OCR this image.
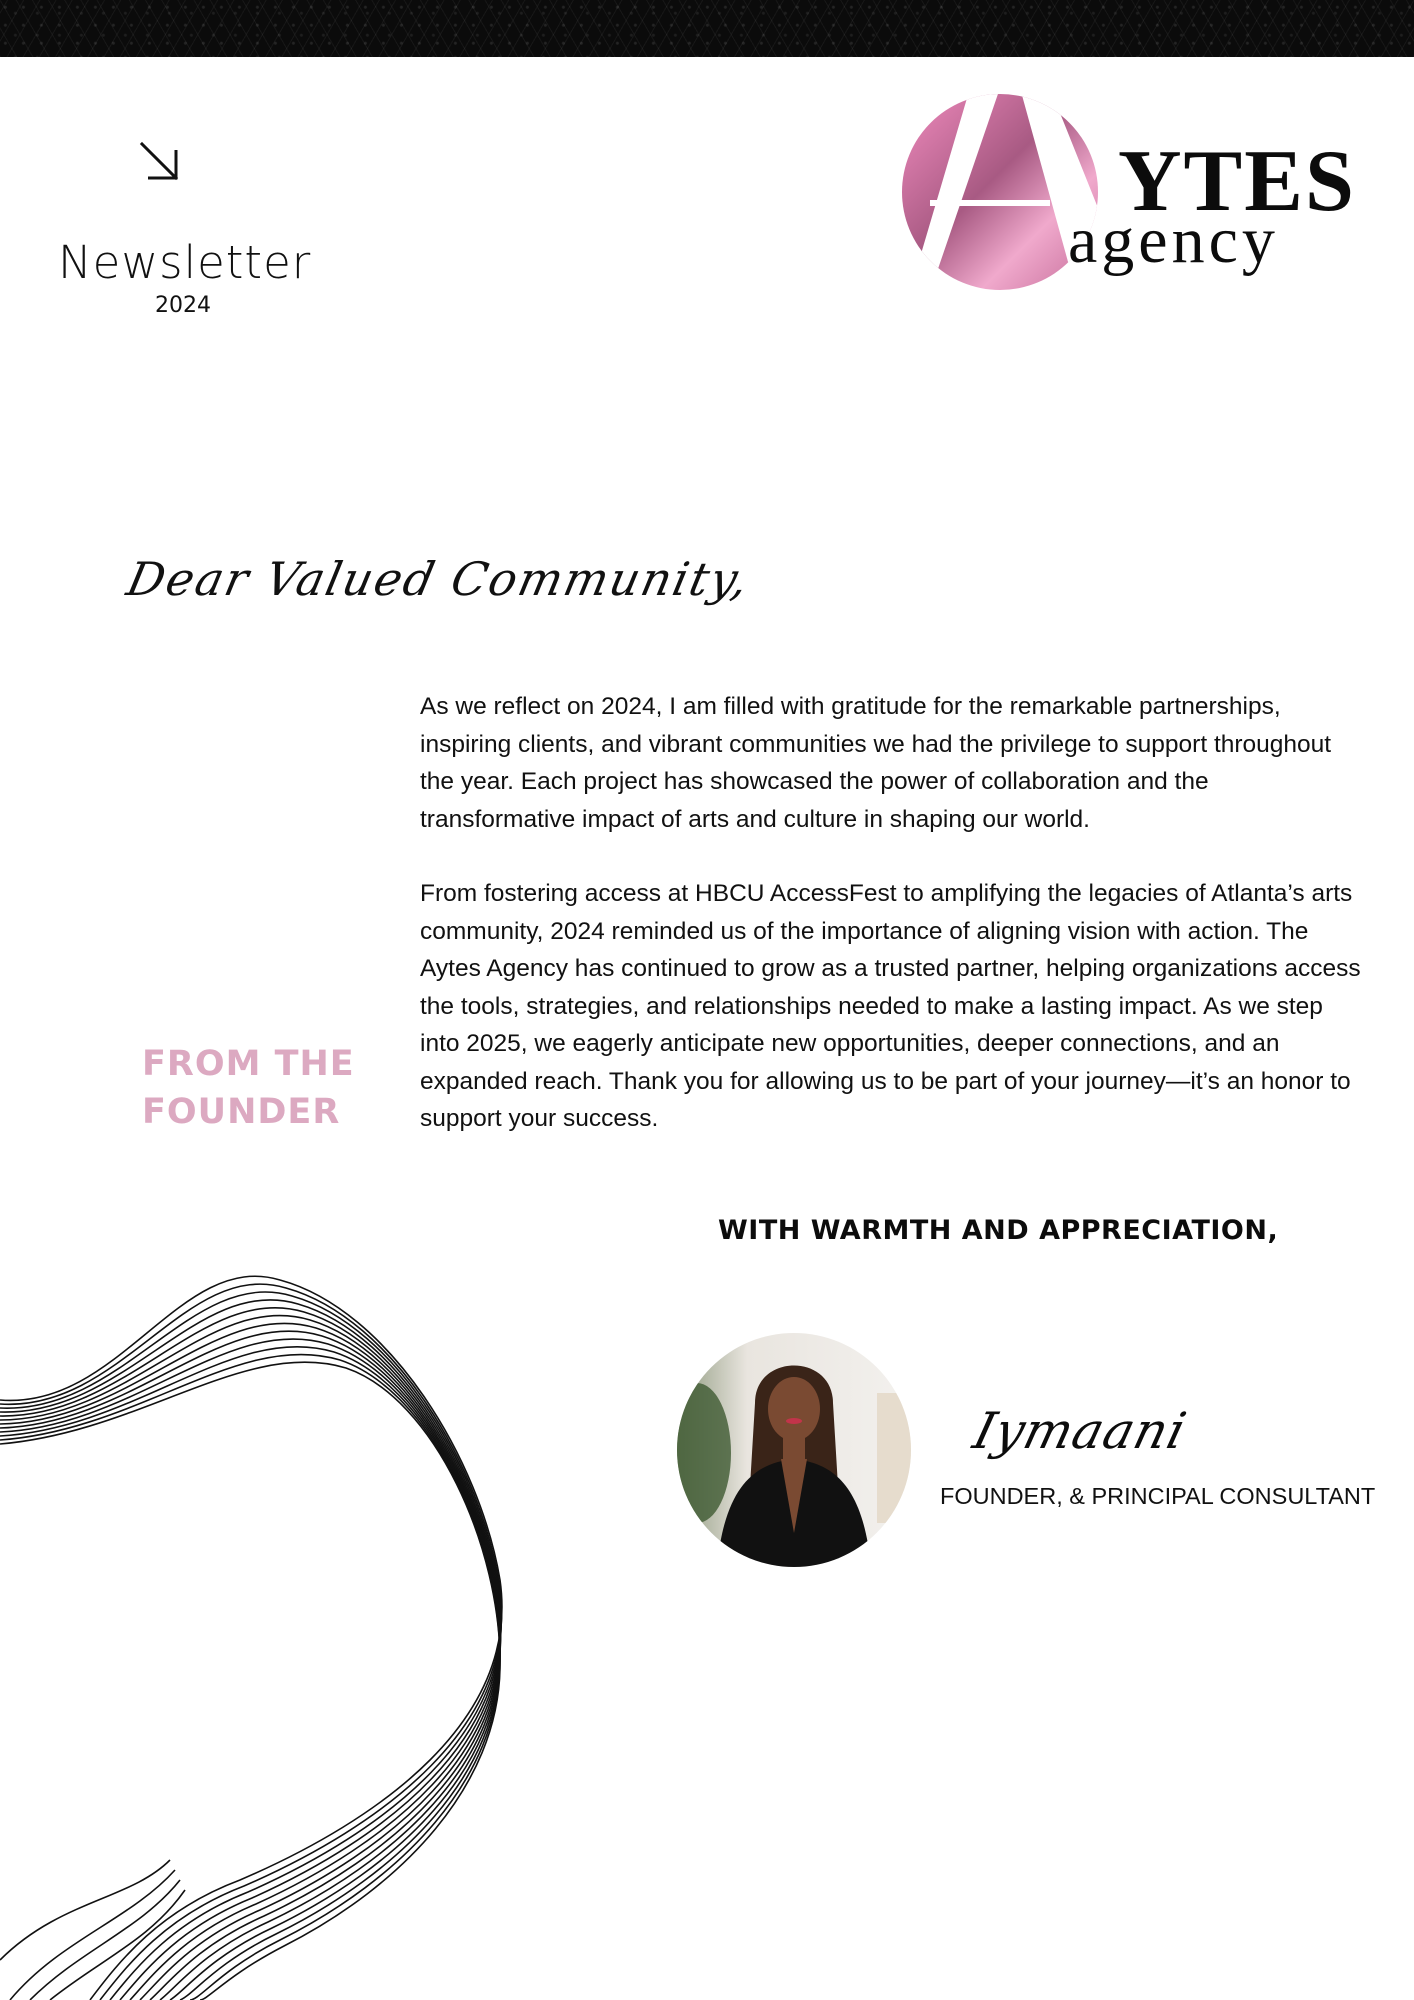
Newsletter
2024
YTES
agency
Dear Valued Community,

As we reflect on 2024, I am filled with gratitude for the remarkable partnerships, inspiring clients, and vibrant communities we had the privilege to support throughout the year. Each project has showcased the power of collaboration and the transformative impact of arts and culture in shaping our world.

From fostering access at HBCU AccessFest to amplifying the legacies of Atlanta’s arts community, 2024 reminded us of the importance of aligning vision with action. The Aytes Agency has continued to grow as a trusted partner, helping organizations access the tools, strategies, and relationships needed to make a lasting impact. As we step into 2025, we eagerly anticipate new opportunities, deeper connections, and an expanded reach. Thank you for allowing us to be part of your journey—it’s an honor to support your success.

FROM THE
FOUNDER
WITH WARMTH AND APPRECIATION,
Iymaani
FOUNDER, & PRINCIPAL CONSULTANT
